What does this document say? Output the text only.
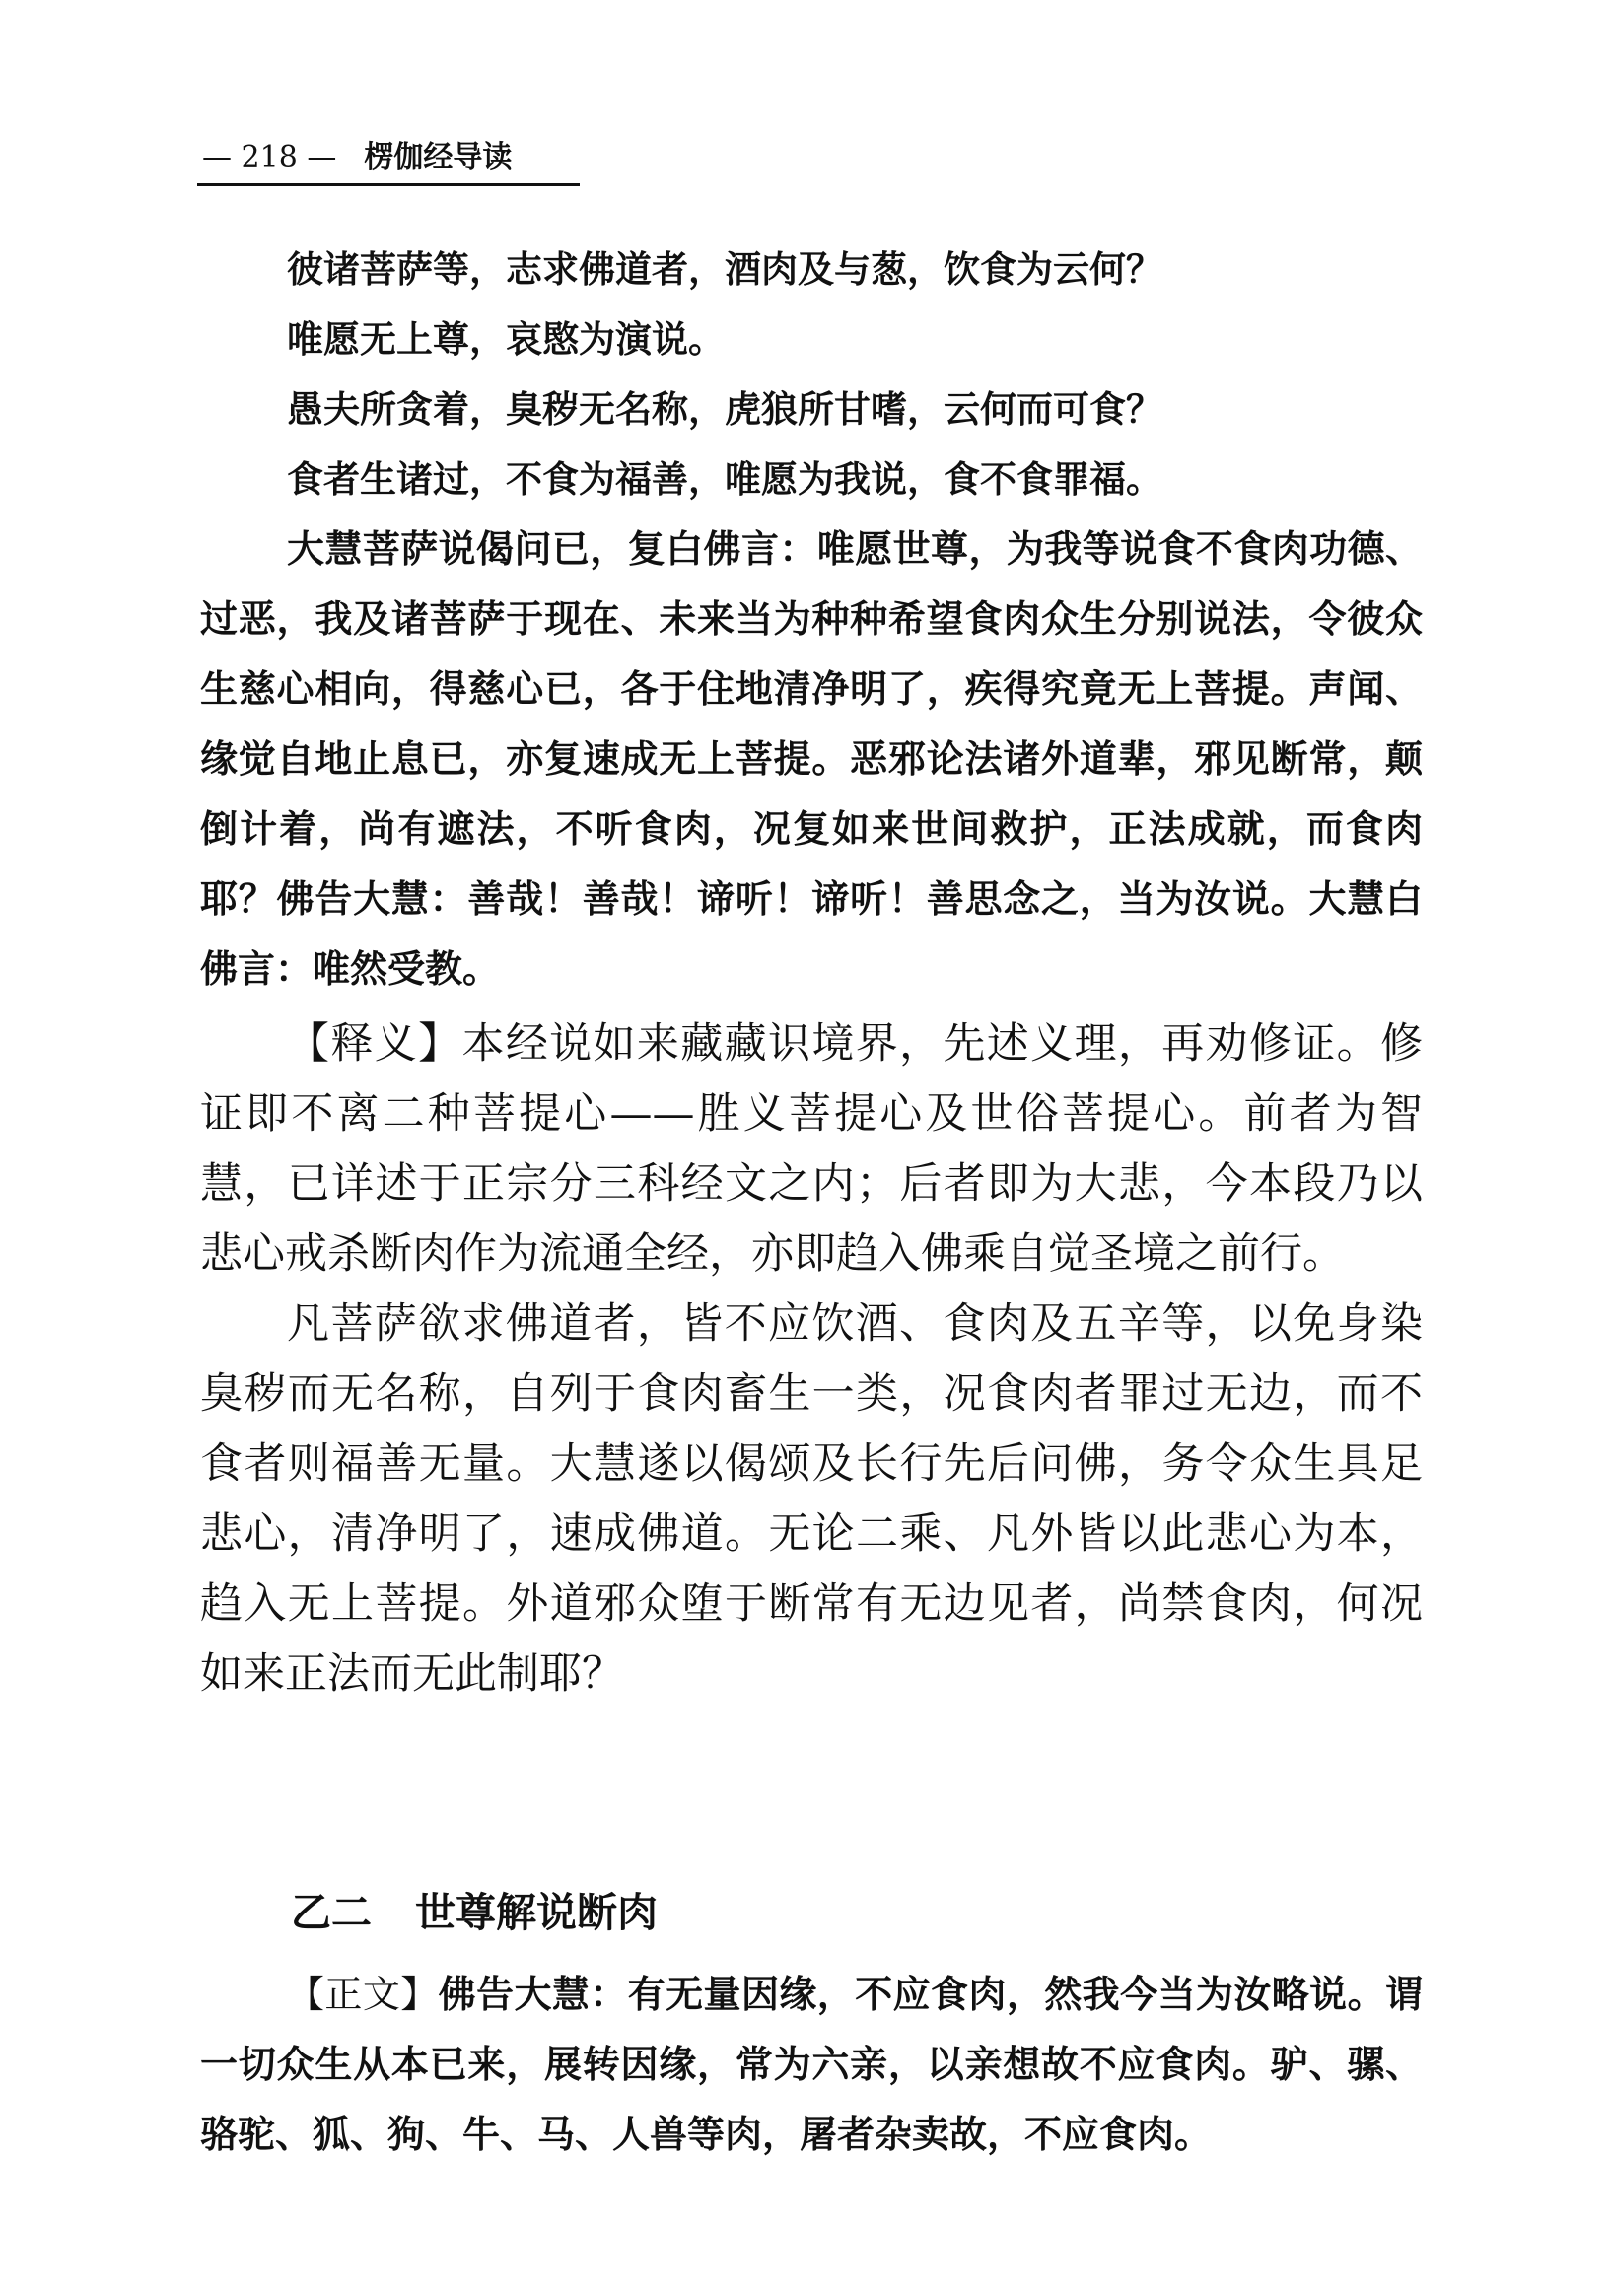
— 218 — 楞伽经导读

彼诸菩萨等，志求佛道者，酒肉及与葱，饮食为云何？

唯愿无上尊，哀愍为演说。

愚夫所贪着，臭秽无名称，虎狼所甘嗜，云何而可食？

食者生诸过，不食为福善，唯愿为我说，食不食罪福。

大慧菩萨说偈问已，复白佛言：唯愿世尊，为我等说食不食肉功德、过恶，我及诸菩萨于现在、未来当为种种希望食肉众生分别说法，令彼众生慈心相向，得慈心已，各于住地清净明了，疾得究竟无上菩提。声闻、缘觉自地止息已，亦复速成无上菩提。恶邪论法诸外道辈，邪见断常，颠倒计着，尚有遮法，不听食肉，况复如来世间救护，正法成就，而食肉耶？佛告大慧：善哉！善哉！谛听！谛听！善思念之，当为汝说。大慧白佛言：唯然受教。

【释义】本经说如来藏藏识境界，先述义理，再劝修证。修证即不离二种菩提心——胜义菩提心及世俗菩提心。前者为智慧，已详述于正宗分三科经文之内；后者即为大悲，今本段乃以悲心戒杀断肉作为流通全经，亦即趋入佛乘自觉圣境之前行。

凡菩萨欲求佛道者，皆不应饮酒、食肉及五辛等，以免身染臭秽而无名称，自列于食肉畜生一类，况食肉者罪过无边，而不食者则福善无量。大慧遂以偈颂及长行先后问佛，务令众生具足悲心，清净明了，速成佛道。无论二乘、凡外皆以此悲心为本，趋入无上菩提。外道邪众堕于断常有无边见者，尚禁食肉，何况如来正法而无此制耶？

乙二 世尊解说断肉

【正文】佛告大慧：有无量因缘，不应食肉，然我今当为汝略说。谓一切众生从本已来，展转因缘，常为六亲，以亲想故不应食肉。驴、骡、骆驼、狐、狗、牛、马、人兽等肉，屠者杂卖故，不应食肉。
